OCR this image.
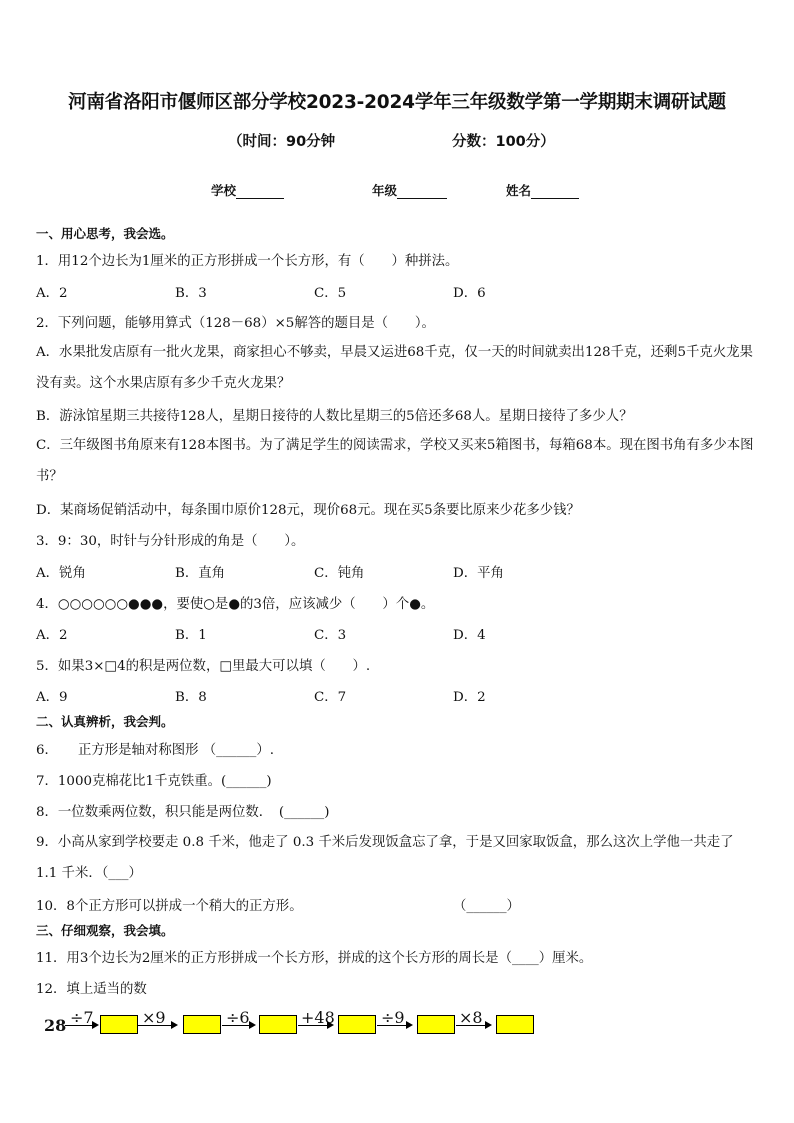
河南省洛阳市偃师区部分学校2023-2024学年三年级数学第一学期期末调研试题
（时间：90分钟	分数：100分）
学校	年级	姓名
一、用心思考，我会选。
1．用12个边长为1厘米的正方形拼成一个长方形，有（　　）种拼法。
A．2	B．3	C．5	D．6
2．下列问题，能够用算式（128－68）×5解答的题目是（　　）。
A．水果批发店原有一批火龙果，商家担心不够卖，早晨又运进68千克，仅一天的时间就卖出128千克，还剩5千克火龙果没有卖。这个水果店原有多少千克火龙果？
B．游泳馆星期三共接待128人，星期日接待的人数比星期三的5倍还多68人。星期日接待了多少人？
C．三年级图书角原来有128本图书。为了满足学生的阅读需求，学校又买来5箱图书，每箱68本。现在图书角有多少本图书？
D．某商场促销活动中，每条围巾原价128元，现价68元。现在买5条要比原来少花多少钱？
3．9：30，时针与分针形成的角是（　　）。
A．锐角	B．直角	C．钝角	D．平角
4．○○○○○○●●●，要使○是●的3倍，应该减少（　　）个●。
A．2	B．1	C．3	D．4
5．如果3×□4的积是两位数，□里最大可以填（　　）.
A．9	B．8	C．7	D．2
二、认真辨析，我会判。
6．　　正方形是轴对称图形 （______）.
7．1000克棉花比1千克铁重。(______)
8．一位数乘两位数，积只能是两位数．　(______)
9．小高从家到学校要走 0.8 千米，他走了 0.3 千米后发现饭盒忘了拿，于是又回家取饭盒，那么这次上学他一共走了 1.1 千米．（___）
10．8个正方形可以拼成一个稍大的正方形。	（______）
三、仔细观察，我会填。
11．用3个边长为2厘米的正方形拼成一个长方形，拼成的这个长方形的周长是（____）厘米。
12．填上适当的数
28 ÷7	×9	÷6	+48	÷9	×8
